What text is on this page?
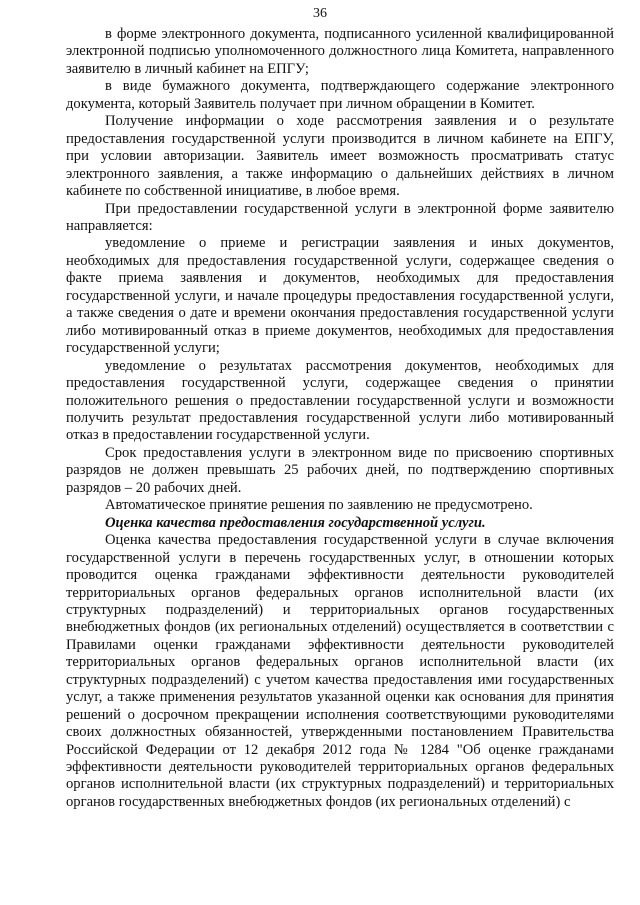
36

в форме электронного документа, подписанного усиленной квалифицированной электронной подписью уполномоченного должностного лица Комитета, направленного заявителю в личный кабинет на ЕПГУ;

в виде бумажного документа, подтверждающего содержание электронного документа, который Заявитель получает при личном обращении в Комитет.

Получение информации о ходе рассмотрения заявления и о результате предоставления государственной услуги производится в личном кабинете на ЕПГУ, при условии авторизации. Заявитель имеет возможность просматривать статус электронного заявления, а также информацию о дальнейших действиях в личном кабинете по собственной инициативе, в любое время.

При предоставлении государственной услуги в электронной форме заявителю направляется:

уведомление о приеме и регистрации заявления и иных документов, необходимых для предоставления государственной услуги, содержащее сведения о факте приема заявления и документов, необходимых для предоставления государственной услуги, и начале процедуры предоставления государственной услуги, а также сведения о дате и времени окончания предоставления государственной услуги либо мотивированный отказ в приеме документов, необходимых для предоставления государственной услуги;

уведомление о результатах рассмотрения документов, необходимых для предоставления государственной услуги, содержащее сведения о принятии положительного решения о предоставлении государственной услуги и возможности получить результат предоставления государственной услуги либо мотивированный отказ в предоставлении государственной услуги.

Срок предоставления услуги в электронном виде по присвоению спортивных разрядов не должен превышать 25 рабочих дней, по подтверждению спортивных разрядов – 20 рабочих дней.

Автоматическое принятие решения по заявлению не предусмотрено.

Оценка качества предоставления государственной услуги.

Оценка качества предоставления государственной услуги в случае включения государственной услуги в перечень государственных услуг, в отношении которых проводится оценка гражданами эффективности деятельности руководителей территориальных органов федеральных органов исполнительной власти (их структурных подразделений) и территориальных органов государственных внебюджетных фондов (их региональных отделений) осуществляется в соответствии с Правилами оценки гражданами эффективности деятельности руководителей территориальных органов федеральных органов исполнительной власти (их структурных подразделений) с учетом качества предоставления ими государственных услуг, а также применения результатов указанной оценки как основания для принятия решений о досрочном прекращении исполнения соответствующими руководителями своих должностных обязанностей, утвержденными постановлением Правительства Российской Федерации от 12 декабря 2012 года № 1284 "Об оценке гражданами эффективности деятельности руководителей территориальных органов федеральных органов исполнительной власти (их структурных подразделений) и территориальных органов государственных внебюджетных фондов (их региональных отделений) с
